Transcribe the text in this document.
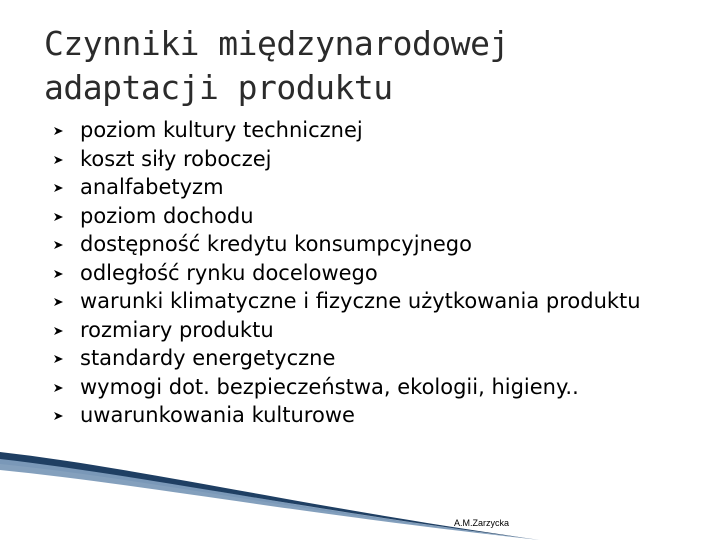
Czynniki międzynarodowej
adaptacji produktu
poziom kultury technicznej
koszt siły roboczej
analfabetyzm
poziom dochodu
dostępność kredytu konsumpcyjnego
odległość rynku docelowego
warunki klimatyczne i fizyczne użytkowania produktu
rozmiary produktu
standardy energetyczne
wymogi dot. bezpieczeństwa, ekologii, higieny..
uwarunkowania kulturowe
A.M.Zarzycka
